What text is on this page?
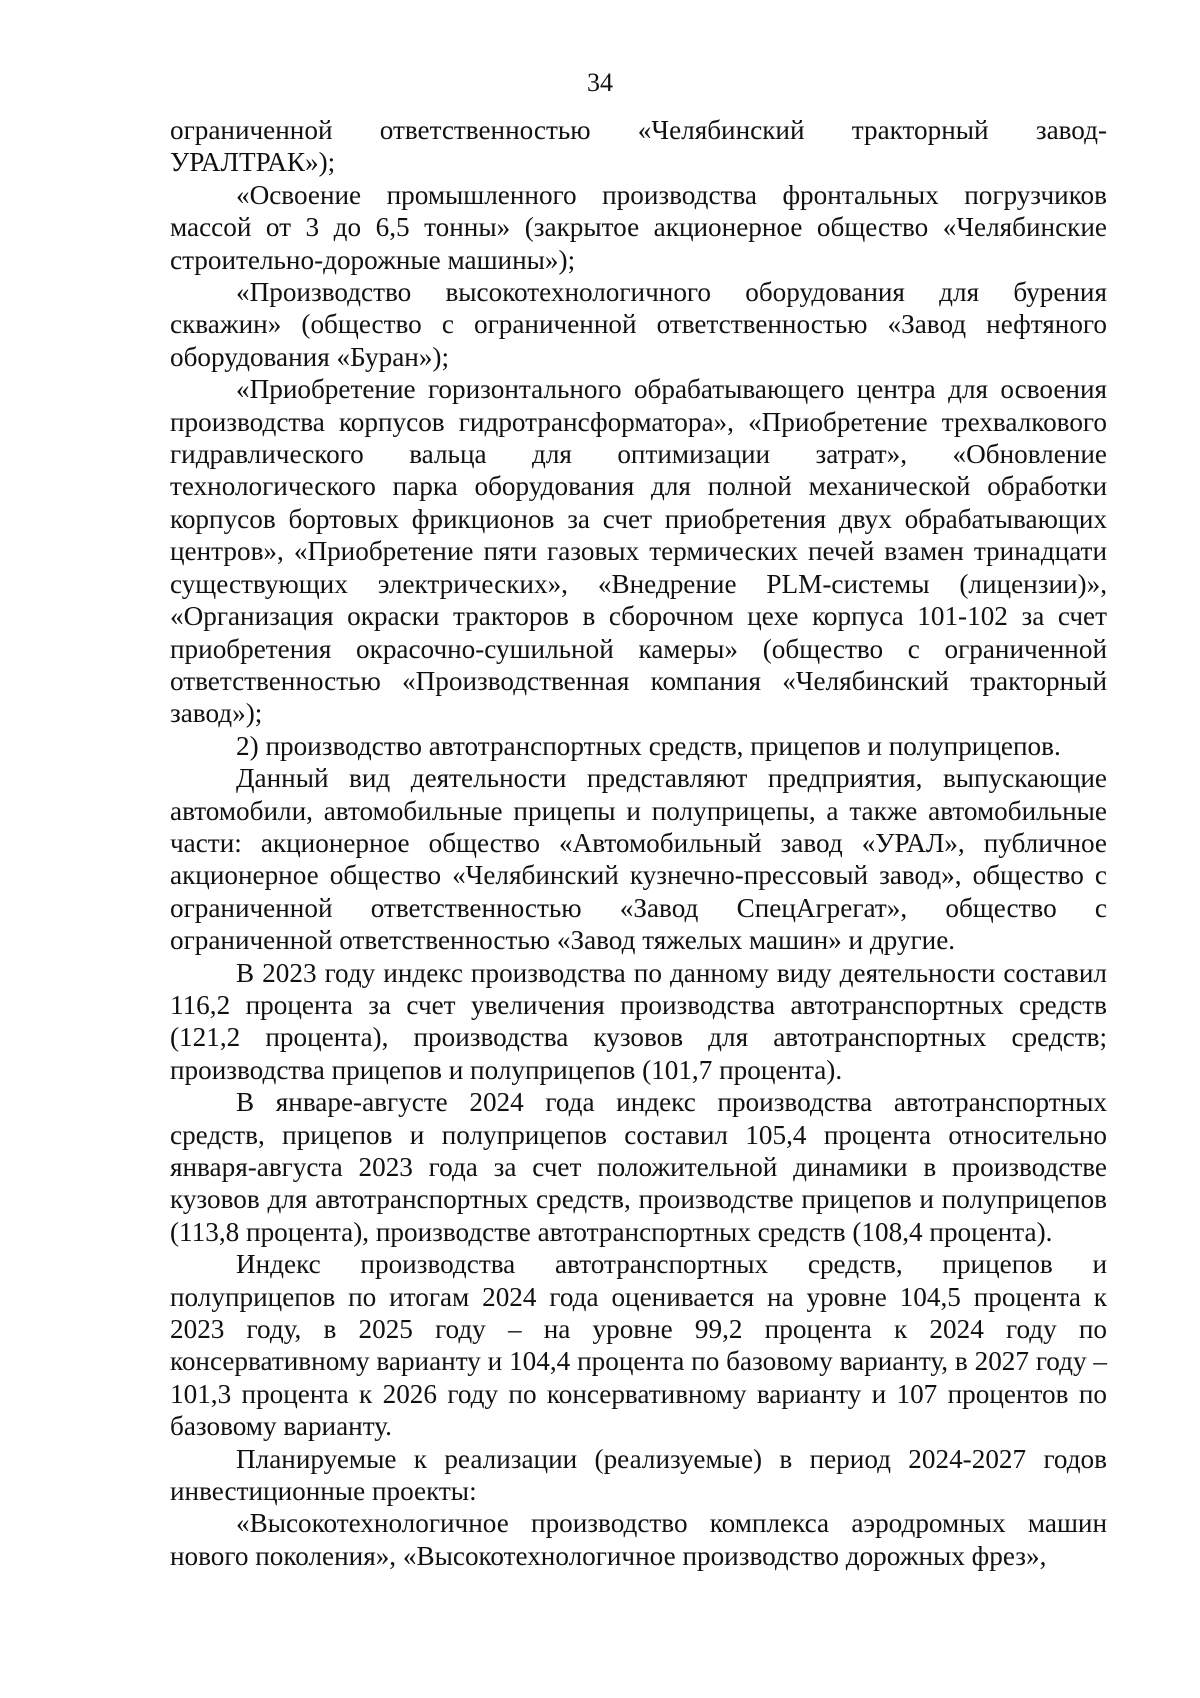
34

ограниченной ответственностью «Челябинский тракторный завод-УРАЛТРАК»);

«Освоение промышленного производства фронтальных погрузчиков массой от 3 до 6,5 тонны» (закрытое акционерное общество «Челябинские строительно-дорожные машины»);

«Производство высокотехнологичного оборудования для бурения скважин» (общество с ограниченной ответственностью «Завод нефтяного оборудования «Буран»);

«Приобретение горизонтального обрабатывающего центра для освоения производства корпусов гидротрансформатора», «Приобретение трехвалкового гидравлического вальца для оптимизации затрат», «Обновление технологического парка оборудования для полной механической обработки корпусов бортовых фрикционов за счет приобретения двух обрабатывающих центров», «Приобретение пяти газовых термических печей взамен тринадцати существующих электрических», «Внедрение PLM-системы (лицензии)», «Организация окраски тракторов в сборочном цехе корпуса 101-102 за счет приобретения окрасочно-сушильной камеры» (общество с ограниченной ответственностью «Производственная компания «Челябинский тракторный завод»);

2) производство автотранспортных средств, прицепов и полуприцепов.

Данный вид деятельности представляют предприятия, выпускающие автомобили, автомобильные прицепы и полуприцепы, а также автомобильные части: акционерное общество «Автомобильный завод «УРАЛ», публичное акционерное общество «Челябинский кузнечно-прессовый завод», общество с ограниченной ответственностью «Завод СпецАгрегат», общество с ограниченной ответственностью «Завод тяжелых машин» и другие.

В 2023 году индекс производства по данному виду деятельности составил 116,2 процента за счет увеличения производства автотранспортных средств (121,2 процента), производства кузовов для автотранспортных средств; производства прицепов и полуприцепов (101,7 процента).

В январе-августе 2024 года индекс производства автотранспортных средств, прицепов и полуприцепов составил 105,4 процента относительно января-августа 2023 года за счет положительной динамики в производстве кузовов для автотранспортных средств, производстве прицепов и полуприцепов (113,8 процента), производстве автотранспортных средств (108,4 процента).

Индекс производства автотранспортных средств, прицепов и полуприцепов по итогам 2024 года оценивается на уровне 104,5 процента к 2023 году, в 2025 году – на уровне 99,2 процента к 2024 году по консервативному варианту и 104,4 процента по базовому варианту, в 2027 году – 101,3 процента к 2026 году по консервативному варианту и 107 процентов по базовому варианту.

Планируемые к реализации (реализуемые) в период 2024-2027 годов инвестиционные проекты:

«Высокотехнологичное производство комплекса аэродромных машин нового поколения», «Высокотехнологичное производство дорожных фрез»,
